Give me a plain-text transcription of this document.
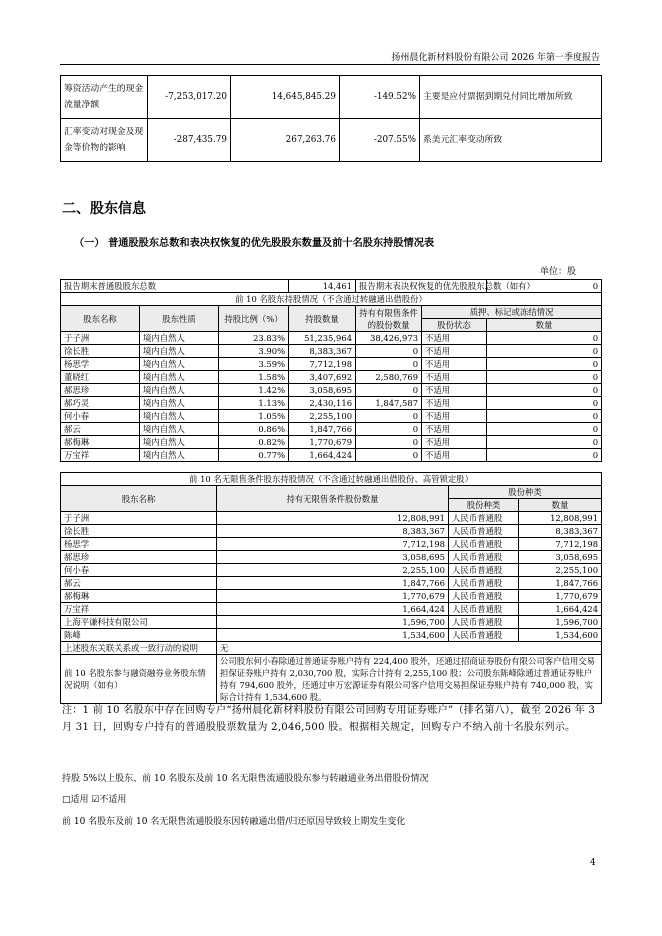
扬州晨化新材料股份有限公司 2026 年第一季度报告
筹资活动产生的现金流量净额	-7,253,017.20	14,645,845.29	-149.52%	主要是应付票据到期兑付同比增加所致
汇率变动对现金及现金等价物的影响	-287,435.79	267,263.76	-207.55%	系美元汇率变动所致
二、股东信息
（一） 普通股股东总数和表决权恢复的优先股股东数量及前十名股东持股情况表
单位：股
报告期末普通股股东总数			14,461	报告期末表决权恢复的优先股股东总数（如有）		0
前 10 名股东持股情况（不含通过转融通出借股份）						
股东名称	股东性质	持股比例（%）	持股数量	持有有限售条件的股份数量	质押、标记或冻结情况	
					股份状态	数量
于子洲	境内自然人	23.83%	51,235,964	38,426,973	不适用	0
徐长胜	境内自然人	3.90%	8,383,367	0	不适用	0
杨思学	境内自然人	3.59%	7,712,198	0	不适用	0
董晓红	境内自然人	1.58%	3,407,692	2,580,769	不适用	0
郝思珍	境内自然人	1.42%	3,058,695	0	不适用	0
郝巧灵	境内自然人	1.13%	2,430,116	1,847,587	不适用	0
何小春	境内自然人	1.05%	2,255,100	0	不适用	0
郝云	境内自然人	0.86%	1,847,766	0	不适用	0
郝梅琳	境内自然人	0.82%	1,770,679	0	不适用	0
万宝祥	境内自然人	0.77%	1,664,424	0	不适用	0
前 10 名无限售条件股东持股情况（不含通过转融通出借股份、高管锁定股）			
股东名称	持有无限售条件股份数量	股份种类	
		股份种类	数量
于子洲	12,808,991	人民币普通股	12,808,991
徐长胜	8,383,367	人民币普通股	8,383,367
杨思学	7,712,198	人民币普通股	7,712,198
郝思珍	3,058,695	人民币普通股	3,058,695
何小春	2,255,100	人民币普通股	2,255,100
郝云	1,847,766	人民币普通股	1,847,766
郝梅琳	1,770,679	人民币普通股	1,770,679
万宝祥	1,664,424	人民币普通股	1,664,424
上海平谦科技有限公司	1,596,700	人民币普通股	1,596,700
陈峰	1,534,600	人民币普通股	1,534,600
上述股东关联关系或一致行动的说明	无		
前 10 名股东参与融资融券业务股东情况说明（如有）	公司股东何小春除通过普通证券账户持有 224,400 股外，还通过招商证券股份有限公司客户信用交易担保证券账户持有 2,030,700 股，实际合计持有 2,255,100 股；公司股东陈峰除通过普通证券账户持有 794,600 股外，还通过申万宏源证券有限公司客户信用交易担保证券账户持有 740,000 股，实际合计持有 1,534,600 股。		
注：1 前 10 名股东中存在回购专户“扬州晨化新材料股份有限公司回购专用证券账户”（排名第八），截至 2026 年 3 月 31 日，回购专户持有的普通股股票数量为 2,046,500 股。根据相关规定，回购专户不纳入前十名股东列示。
持股 5%以上股东、前 10 名股东及前 10 名无限售流通股股东参与转融通业务出借股份情况
□适用 ☑不适用
前 10 名股东及前 10 名无限售流通股股东因转融通出借/归还原因导致较上期发生变化
4
